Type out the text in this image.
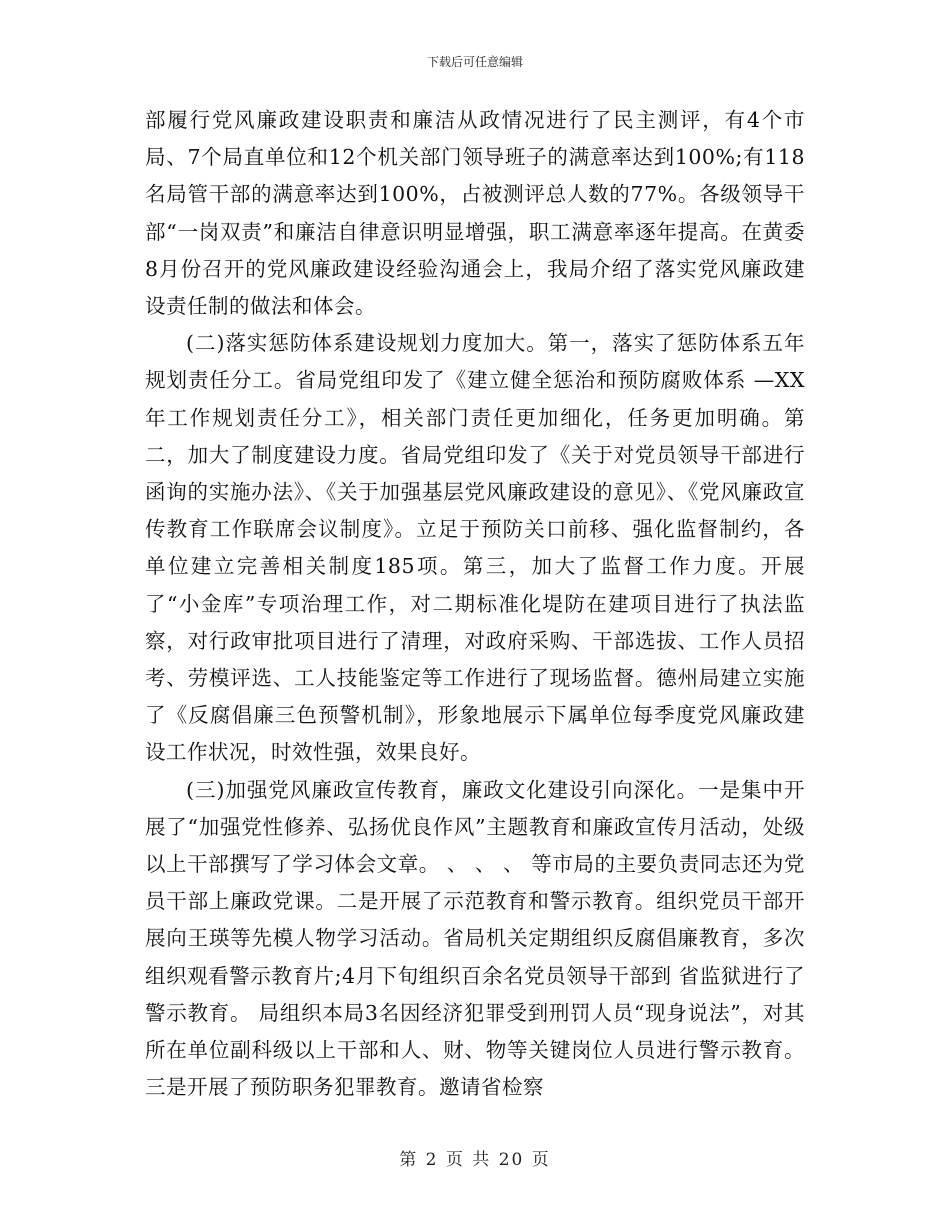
下载后可任意编辑

部履行党风廉政建设职责和廉洁从政情况进行了民主测评，有4个市局、7个局直单位和12个机关部门领导班子的满意率达到100%;有118名局管干部的满意率达到100%，占被测评总人数的77%。各级领导干部“一岗双责”和廉洁自律意识明显增强，职工满意率逐年提高。在黄委8月份召开的党风廉政建设经验沟通会上，我局介绍了落实党风廉政建设责任制的做法和体会。

(二)落实惩防体系建设规划力度加大。第一，落实了惩防体系五年规划责任分工。省局党组印发了《建立健全惩治和预防腐败体系 —XX年工作规划责任分工》，相关部门责任更加细化，任务更加明确。第二，加大了制度建设力度。省局党组印发了《关于对党员领导干部进行函询的实施办法》、《关于加强基层党风廉政建设的意见》、《党风廉政宣传教育工作联席会议制度》。立足于预防关口前移、强化监督制约，各单位建立完善相关制度185项。第三，加大了监督工作力度。开展了“小金库”专项治理工作，对二期标准化堤防在建项目进行了执法监察，对行政审批项目进行了清理，对政府采购、干部选拔、工作人员招考、劳模评选、工人技能鉴定等工作进行了现场监督。德州局建立实施了《反腐倡廉三色预警机制》，形象地展示下属单位每季度党风廉政建设工作状况，时效性强，效果良好。

(三)加强党风廉政宣传教育，廉政文化建设引向深化。一是集中开展了“加强党性修养、弘扬优良作风”主题教育和廉政宣传月活动，处级以上干部撰写了学习体会文章。 、 、 、 等市局的主要负责同志还为党员干部上廉政党课。二是开展了示范教育和警示教育。组织党员干部开展向王瑛等先模人物学习活动。省局机关定期组织反腐倡廉教育，多次组织观看警示教育片;4月下旬组织百余名党员领导干部到 省监狱进行了警示教育。 局组织本局3名因经济犯罪受到刑罚人员“现身说法”，对其所在单位副科级以上干部和人、财、物等关键岗位人员进行警示教育。三是开展了预防职务犯罪教育。邀请省检察

第 2 页 共 20 页
